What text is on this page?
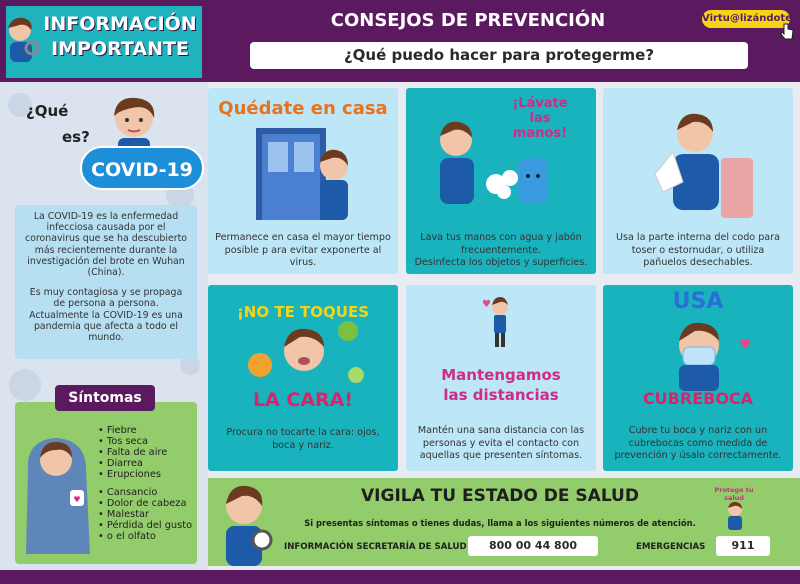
INFORMACIÓN
IMPORTANTE
CONSEJOS DE PREVENCIÓN
¿Qué puedo hacer para protegerme?
Virtu@lizándote
¿Qué
es?
COVID-19

La COVID-19 es la enfermedad infecciosa causada por el coronavirus que se ha descubierto más recientemente durante la investigación del brote en Wuhan (China).

Es muy contagiosa y se propaga de persona a persona. Actualmente la COVID-19 es una pandemia que afecta a todo el mundo.

Síntomas
♥
• Fiebre
• Tos seca
• Falta de aire
• Diarrea
• Erupciones
• Cansancio
• Dolor de cabeza
• Malestar
• Pérdida del gusto
• o el olfato
Quédate en casa
Permanece en casa el mayor tiempo posible p ara evitar exponerte al virus.
¡Lávate
las
manos!
Lava tus manos con agua y jabón frecuentemente.
Desinfecta los objetos y superficies.
Usa la parte interna del codo para toser o estornudar, o utiliza pañuelos desechables.
¡NO TE TOQUES
LA CARA!
Procura no tocarte la cara: ojos, boca y nariz.
♥
Mantengamos
las distancias
Mantén una sana distancia con las personas y evita el contacto con aquellas que presenten síntomas.
♥
USA
CUBREBOCA
Cubre tu boca y nariz con un cubrebocas como medida de prevención y úsalo correctamente.
VIGILA TU ESTADO DE SALUD
Si presentas síntomas o tienes dudas, llama a los siguientes números de atención.
INFORMACIÓN SECRETARÍA DE SALUD	800 00 44 800	EMERGENCIAS	911
Protege tu salud
